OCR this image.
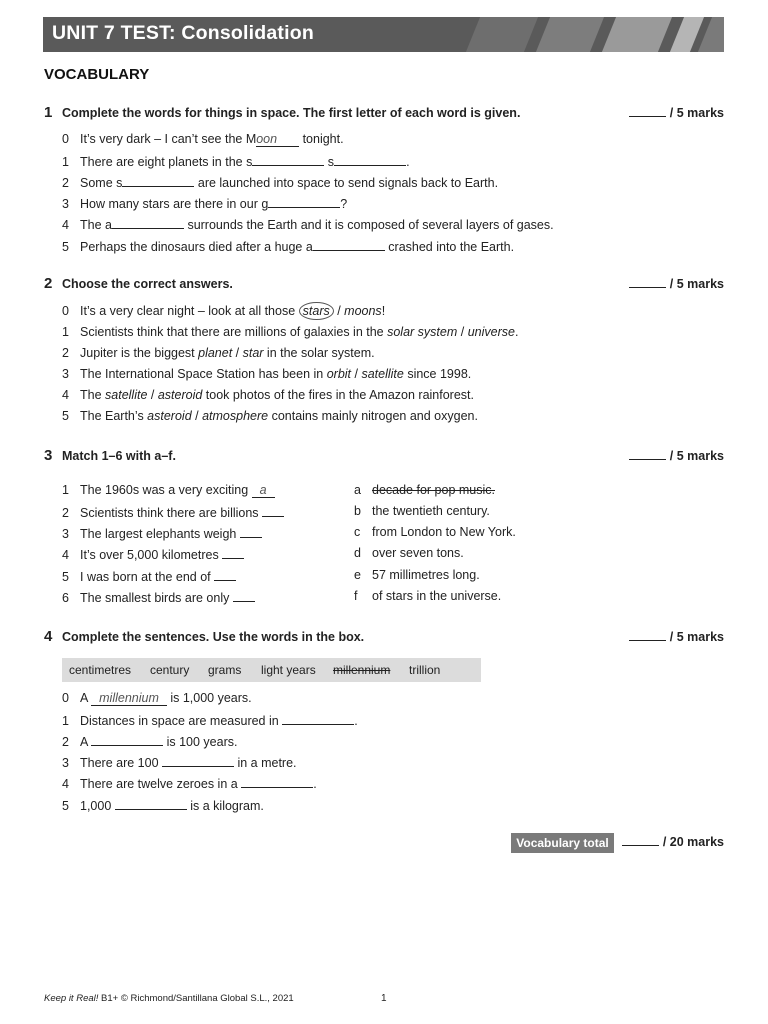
UNIT 7 TEST: Consolidation
VOCABULARY
1 Complete the words for things in space. The first letter of each word is given.	/ 5 marks
0 It’s very dark – I can’t see the Moon tonight.
1 There are eight planets in the s	s	.
2 Some s	are launched into space to send signals back to Earth.
3 How many stars are there in our g	?
4 The a	surrounds the Earth and it is composed of several layers of gases.
5 Perhaps the dinosaurs died after a huge a	crashed into the Earth.
2 Choose the correct answers.	/ 5 marks
0 It’s a very clear night – look at all those stars / moons!
1 Scientists think that there are millions of galaxies in the solar system / universe.
2 Jupiter is the biggest planet / star in the solar system.
3 The International Space Station has been in orbit / satellite since 1998.
4 The satellite / asteroid took photos of the fires in the Amazon rainforest.
5 The Earth’s asteroid / atmosphere contains mainly nitrogen and oxygen.
3 Match 1–6 with a–f.	/ 5 marks
1 The 1960s was a very exciting a
2 Scientists think there are billions
3 The largest elephants weigh
4 It’s over 5,000 kilometres
5 I was born at the end of
6 The smallest birds are only
a decade for pop music.
b the twentieth century.
c from London to New York.
d over seven tons.
e 57 millimetres long.
f of stars in the universe.
4 Complete the sentences. Use the words in the box.	/ 5 marks
centimetres century grams light years millennium trillion
0 A millennium is 1,000 years.
1 Distances in space are measured in	.
2 A	is 100 years.
3 There are 100	in a metre.
4 There are twelve zeroes in a	.
5 1,000	is a kilogram.
Vocabulary total	/ 20 marks
Keep it Real! B1+ © Richmond/Santillana Global S.L., 2021	1
